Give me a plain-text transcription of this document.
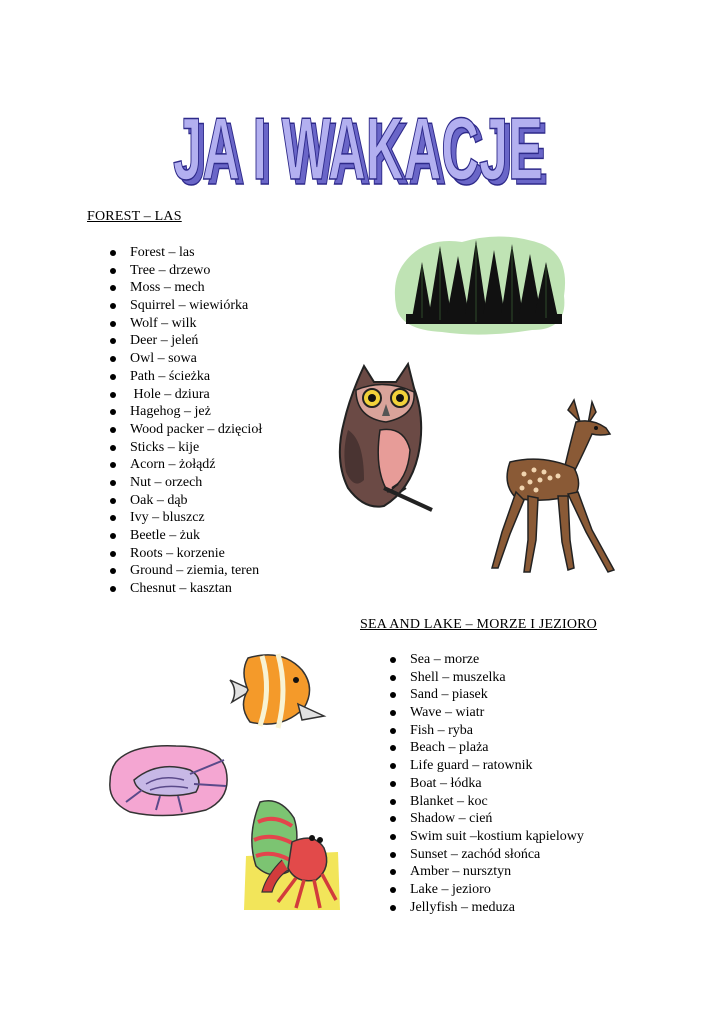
JA I WAKACJE
JA I WAKACJE
FOREST – LAS
Forest – las
Tree – drzewo
Moss – mech
Squirrel – wiewiórka
Wolf – wilk
Deer – jeleń
Owl – sowa
Path – ścieżka
Hole – dziura
Hagehog – jeż
Wood packer – dzięcioł
Sticks – kije
Acorn – żołądź
Nut – orzech
Oak – dąb
Ivy – bluszcz
Beetle – żuk
Roots – korzenie
Ground – ziemia, teren
Chesnut – kasztan
SEA AND LAKE – MORZE I JEZIORO
Sea – morze
Shell – muszelka
Sand – piasek
Wave – wiatr
Fish – ryba
Beach – plaża
Life guard – ratownik
Boat – łódka
Blanket – koc
Shadow – cień
Swim suit –kostium kąpielowy
Sunset – zachód słońca
Amber – nursztyn
Lake – jezioro
Jellyfish – meduza
